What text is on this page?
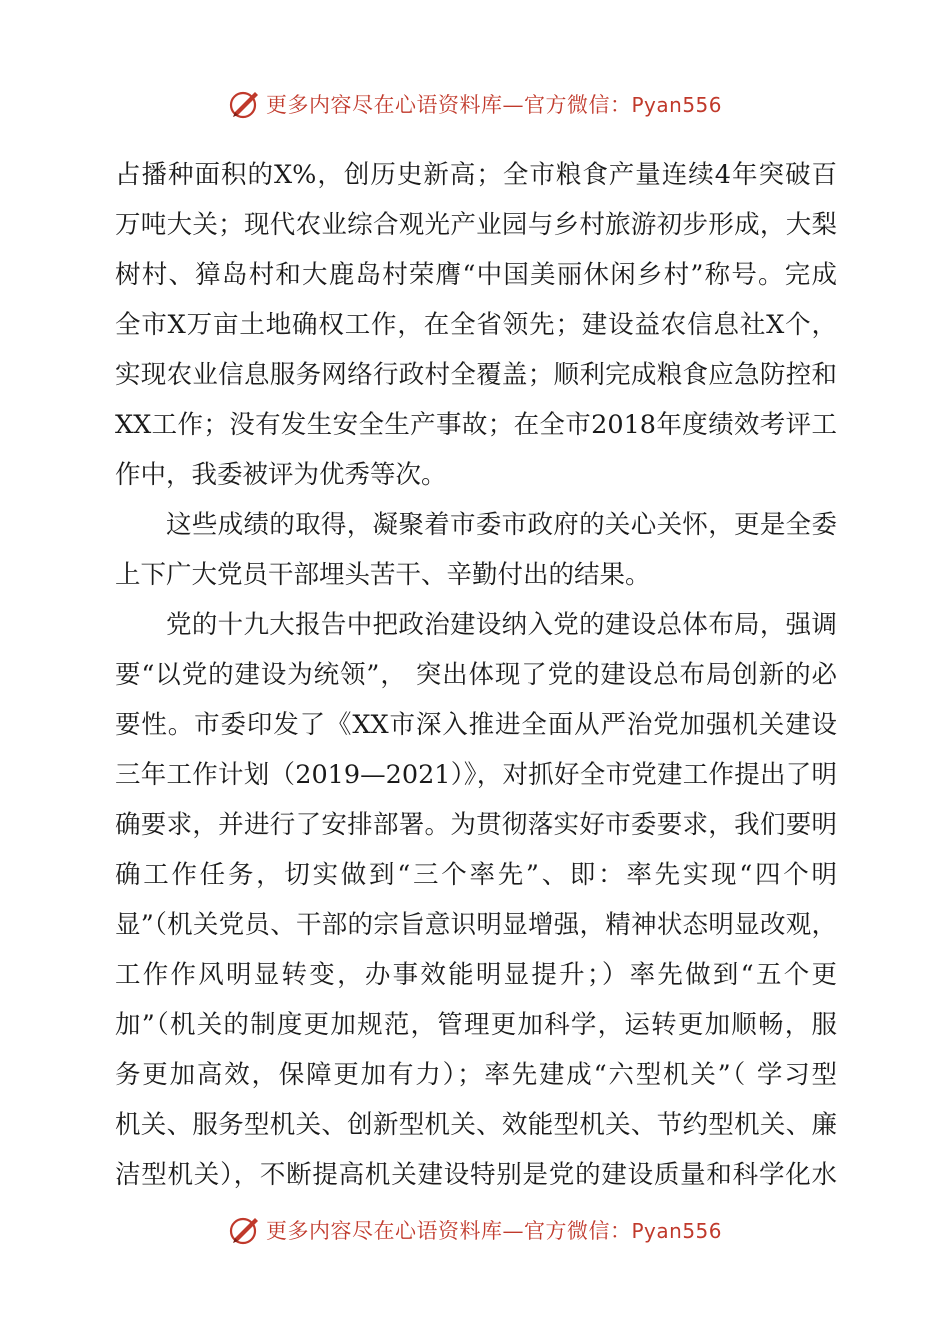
更多内容尽在心语资料库—官方微信：Pyan556
占播种面积的X%，创历史新高；全市粮食产量连续4年突破百
万吨大关；现代农业综合观光产业园与乡村旅游初步形成，大梨
树村、獐岛村和大鹿岛村荣膺“中国美丽休闲乡村”称号。完成
全市X万亩土地确权工作，在全省领先；建设益农信息社X个，
实现农业信息服务网络行政村全覆盖；顺利完成粮食应急防控和
XX工作；没有发生安全生产事故；在全市2018年度绩效考评工
作中，我委被评为优秀等次。
这些成绩的取得，凝聚着市委市政府的关心关怀，更是全委
上下广大党员干部埋头苦干、辛勤付出的结果。
党的十九大报告中把政治建设纳入党的建设总体布局，强调
要“以党的建设为统领”， 突出体现了党的建设总布局创新的必
要性。市委印发了《XX市深入推进全面从严治党加强机关建设
三年工作计划（2019—2021）》，对抓好全市党建工作提出了明
确要求，并进行了安排部署。为贯彻落实好市委要求，我们要明
确工作任务，切实做到“三个率先”、即：率先实现“四个明
显”（机关党员、干部的宗旨意识明显增强，精神状态明显改观，
工作作风明显转变，办事效能明显提升；）率先做到“五个更
加”（机关的制度更加规范，管理更加科学，运转更加顺畅，服
务更加高效，保障更加有力）；率先建成“六型机关”（ 学习型
机关、服务型机关、创新型机关、效能型机关、节约型机关、廉
洁型机关），不断提高机关建设特别是党的建设质量和科学化水
更多内容尽在心语资料库—官方微信：Pyan556
